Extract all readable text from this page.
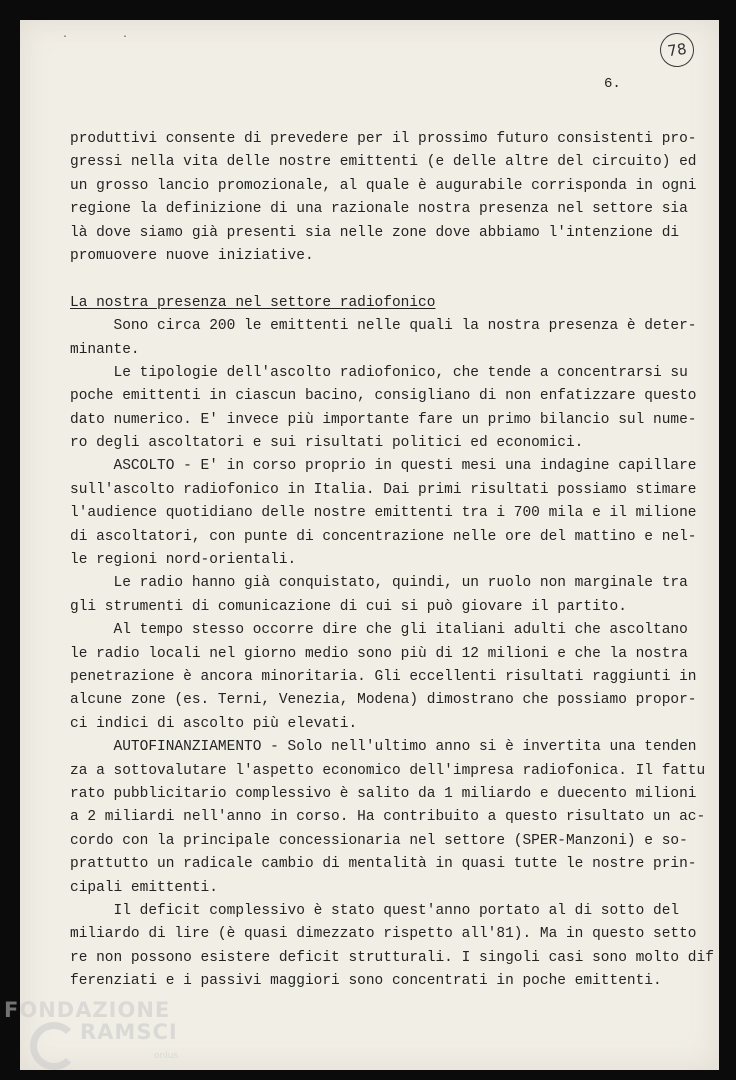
· ·
78
6.
produttivi consente di prevedere per il prossimo futuro consistenti pro-
gressi nella vita delle nostre emittenti (e delle altre del circuito) ed
un grosso lancio promozionale, al quale è augurabile corrisponda in ogni
regione la definizione di una razionale nostra presenza nel settore sia
là dove siamo già presenti sia nelle zone dove abbiamo l'intenzione di
promuovere nuove iniziative.
La nostra presenza nel settore radiofonico
Sono circa 200 le emittenti nelle quali la nostra presenza è deter-
minante.
Le tipologie dell'ascolto radiofonico, che tende a concentrarsi su
poche emittenti in ciascun bacino, consigliano di non enfatizzare questo
dato numerico. E' invece più importante fare un primo bilancio sul nume-
ro degli ascoltatori e sui risultati politici ed economici.
ASCOLTO - E' in corso proprio in questi mesi una indagine capillare
sull'ascolto radiofonico in Italia. Dai primi risultati possiamo stimare
l'audience quotidiano delle nostre emittenti tra i 700 mila e il milione
di ascoltatori, con punte di concentrazione nelle ore del mattino e nel-
le regioni nord-orientali.
Le radio hanno già conquistato, quindi, un ruolo non marginale tra
gli strumenti di comunicazione di cui si può giovare il partito.
Al tempo stesso occorre dire che gli italiani adulti che ascoltano
le radio locali nel giorno medio sono più di 12 milioni e che la nostra
penetrazione è ancora minoritaria. Gli eccellenti risultati raggiunti in
alcune zone (es. Terni, Venezia, Modena) dimostrano che possiamo propor-
ci indici di ascolto più elevati.
AUTOFINANZIAMENTO - Solo nell'ultimo anno si è invertita una tenden
za a sottovalutare l'aspetto economico dell'impresa radiofonica. Il fattu
rato pubblicitario complessivo è salito da 1 miliardo e duecento milioni
a 2 miliardi nell'anno in corso. Ha contribuito a questo risultato un ac-
cordo con la principale concessionaria nel settore (SPER-Manzoni) e so-
prattutto un radicale cambio di mentalità in quasi tutte le nostre prin-
cipali emittenti.
Il deficit complessivo è stato quest'anno portato al di sotto del
miliardo di lire (è quasi dimezzato rispetto all'81). Ma in questo setto
re non possono esistere deficit strutturali. I singoli casi sono molto dif
ferenziati e i passivi maggiori sono concentrati in poche emittenti.
FONDAZIONE
RAMSCI
onlus
